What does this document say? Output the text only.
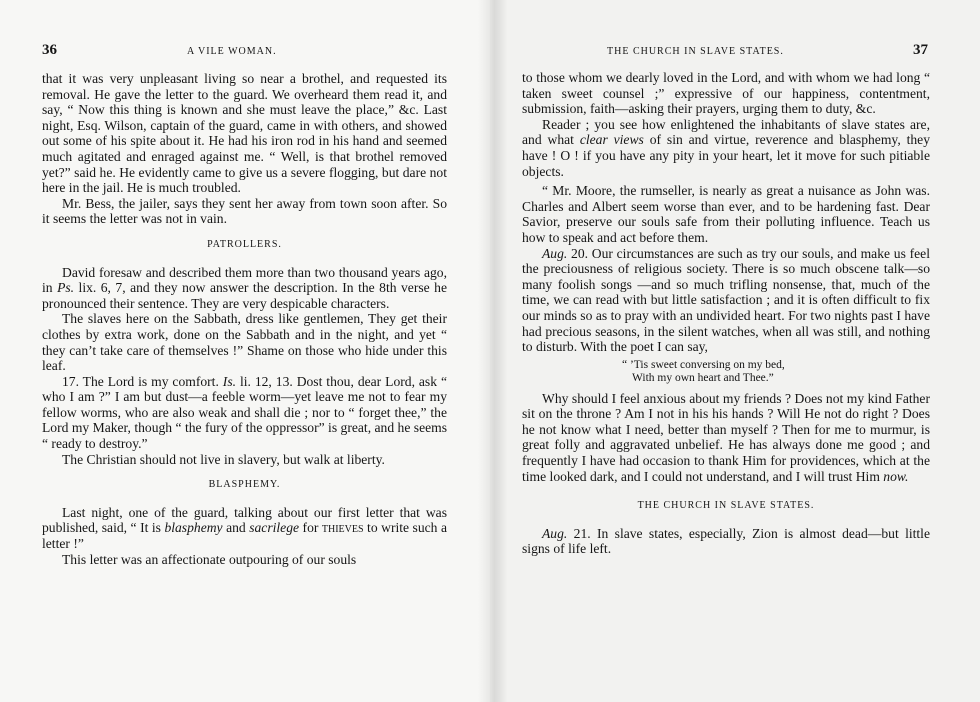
36	A VILE WOMAN.

that it was very unpleasant living so near a brothel, and requested its removal. He gave the letter to the guard. We overheard them read it, and say, “ Now this thing is known and she must leave the place,” &c. Last night, Esq. Wilson, captain of the guard, came in with others, and showed out some of his spite about it. He had his iron rod in his hand and seemed much agitated and enraged against me. “ Well, is that brothel removed yet?” said he. He evidently came to give us a severe flogging, but dare not here in the jail. He is much troubled.

Mr. Bess, the jailer, says they sent her away from town soon after. So it seems the letter was not in vain.

PATROLLERS.

David foresaw and described them more than two thousand years ago, in Ps. lix. 6, 7, and they now answer the description. In the 8th verse he pronounced their sentence. They are very despicable characters.

The slaves here on the Sabbath, dress like gentlemen, They get their clothes by extra work, done on the Sabbath and in the night, and yet “ they can’t take care of themselves !” Shame on those who hide under this leaf.

17. The Lord is my comfort. Is. li. 12, 13. Dost thou, dear Lord, ask “ who I am ?” I am but dust—a feeble worm—yet leave me not to fear my fellow worms, who are also weak and shall die ; nor to “ forget thee,” the Lord my Maker, though “ the fury of the oppressor” is great, and he seems “ ready to destroy.”

The Christian should not live in slavery, but walk at liberty.

BLASPHEMY.

Last night, one of the guard, talking about our first letter that was published, said, “ It is blasphemy and sacrilege for thieves to write such a letter !”

This letter was an affectionate outpouring of our souls

THE CHURCH IN SLAVE STATES.	37

to those whom we dearly loved in the Lord, and with whom we had long “ taken sweet counsel ;” expressive of our happiness, contentment, submission, faith—asking their prayers, urging them to duty, &c.

Reader ; you see how enlightened the inhabitants of slave states are, and what clear views of sin and virtue, reverence and blasphemy, they have ! O ! if you have any pity in your heart, let it move for such pitiable objects.

“ Mr. Moore, the rumseller, is nearly as great a nuisance as John was. Charles and Albert seem worse than ever, and to be hardening fast. Dear Savior, preserve our souls safe from their polluting influence. Teach us how to speak and act before them.

Aug. 20. Our circumstances are such as try our souls, and make us feel the preciousness of religious society. There is so much obscene talk—so many foolish songs —and so much trifling nonsense, that, much of the time, we can read with but little satisfaction ; and it is often difficult to fix our minds so as to pray with an undivided heart. For two nights past I have had precious seasons, in the silent watches, when all was still, and nothing to disturb. With the poet I can say,

“ ’Tis sweet conversing on my bed,
With my own heart and Thee.”

Why should I feel anxious about my friends ? Does not my kind Father sit on the throne ? Am I not in his his hands ? Will He not do right ? Does he not know what I need, better than myself ? Then for me to murmur, is great folly and aggravated unbelief. He has always done me good ; and frequently I have had occasion to thank Him for providences, which at the time looked dark, and I could not understand, and I will trust Him now.

THE CHURCH IN SLAVE STATES.

Aug. 21. In slave states, especially, Zion is almost dead—but little signs of life left.
